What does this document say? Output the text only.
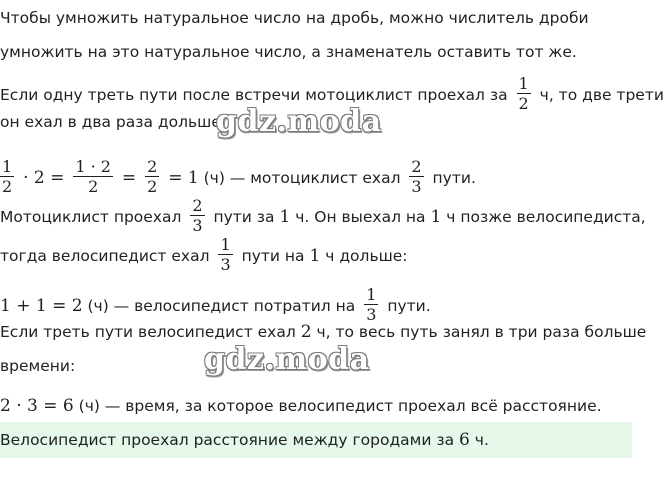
Чтобы умножить натуральное число на дробь, можно числитель дроби
умножить на это натуральное число, а знаменатель оставить тот же.
Если одну треть пути после встречи мотоциклист проехал за $\frac{1}{2} ч$, то две трети
он ехал в два раза дольше:
$\frac{1}{2} \cdot 2 = \frac{1 \cdot 2}{2} = \frac{2}{2} = 1$ (ч) — мотоциклист ехал $\frac{2}{3}$ пути.
Мотоциклист проехал $\frac{2}{3}$ пути за 1 ч. Он выехал на 1 ч позже велосипедиста,
тогда велосипедист ехал $\frac{1}{3}$ пути на 1 ч дольше:
1 + 1 = 2 (ч) — велосипедист потратил на $\frac{1}{3}$ пути.
Если треть пути велосипедист ехал 2 ч, то весь путь занял в три раза больше
времени:
2 · 3 = 6 (ч) — время, за которое велосипедист проехал всё расстояние.
Велосипедист проехал расстояние между городами за 6 ч.
gdz.moda
gdz.moda
